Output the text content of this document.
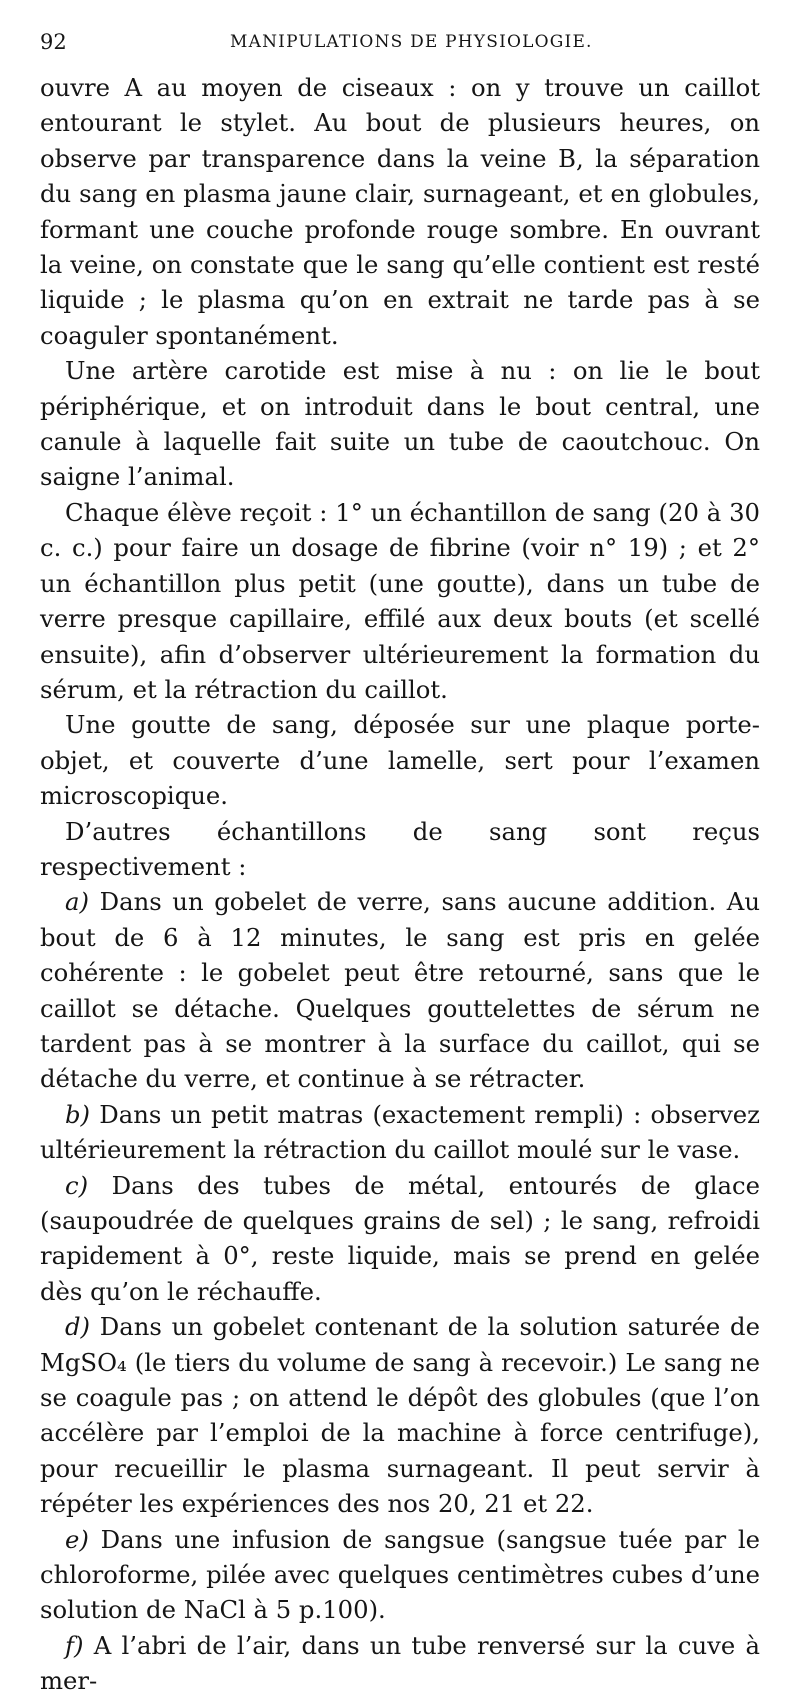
92	MANIPULATIONS DE PHYSIOLOGIE.

ouvre A au moyen de ciseaux : on y trouve un caillot entourant le stylet. Au bout de plusieurs heures, on observe par transparence dans la veine B, la séparation du sang en plasma jaune clair, surnageant, et en globules, formant une couche profonde rouge sombre. En ouvrant la veine, on constate que le sang qu’elle contient est resté liquide ; le plasma qu’on en extrait ne tarde pas à se coaguler spontanément.

Une artère carotide est mise à nu : on lie le bout périphérique, et on introduit dans le bout central, une canule à laquelle fait suite un tube de caoutchouc. On saigne l’animal.

Chaque élève reçoit : 1° un échantillon de sang (20 à 30 c. c.) pour faire un dosage de fibrine (voir n° 19) ; et 2° un échantillon plus petit (une goutte), dans un tube de verre presque capillaire, effilé aux deux bouts (et scellé ensuite), afin d’observer ultérieurement la formation du sérum, et la rétraction du caillot.

Une goutte de sang, déposée sur une plaque porte-objet, et couverte d’une lamelle, sert pour l’examen microscopique.

D’autres échantillons de sang sont reçus respectivement :

a) Dans un gobelet de verre, sans aucune addition. Au bout de 6 à 12 minutes, le sang est pris en gelée cohérente : le gobelet peut être retourné, sans que le caillot se détache. Quelques gouttelettes de sérum ne tardent pas à se montrer à la surface du caillot, qui se détache du verre, et continue à se rétracter.

b) Dans un petit matras (exactement rempli) : observez ultérieurement la rétraction du caillot moulé sur le vase.

c) Dans des tubes de métal, entourés de glace (saupoudrée de quelques grains de sel) ; le sang, refroidi rapidement à 0°, reste liquide, mais se prend en gelée dès qu’on le réchauffe.

d) Dans un gobelet contenant de la solution saturée de MgSO₄ (le tiers du volume de sang à recevoir.) Le sang ne se coagule pas ; on attend le dépôt des globules (que l’on accélère par l’emploi de la machine à force centrifuge), pour recueillir le plasma surnageant. Il peut servir à répéter les expériences des nos 20, 21 et 22.

e) Dans une infusion de sangsue (sangsue tuée par le chloroforme, pilée avec quelques centimètres cubes d’une solution de NaCl à 5 p.100).

f) A l’abri de l’air, dans un tube renversé sur la cuve à mer-
